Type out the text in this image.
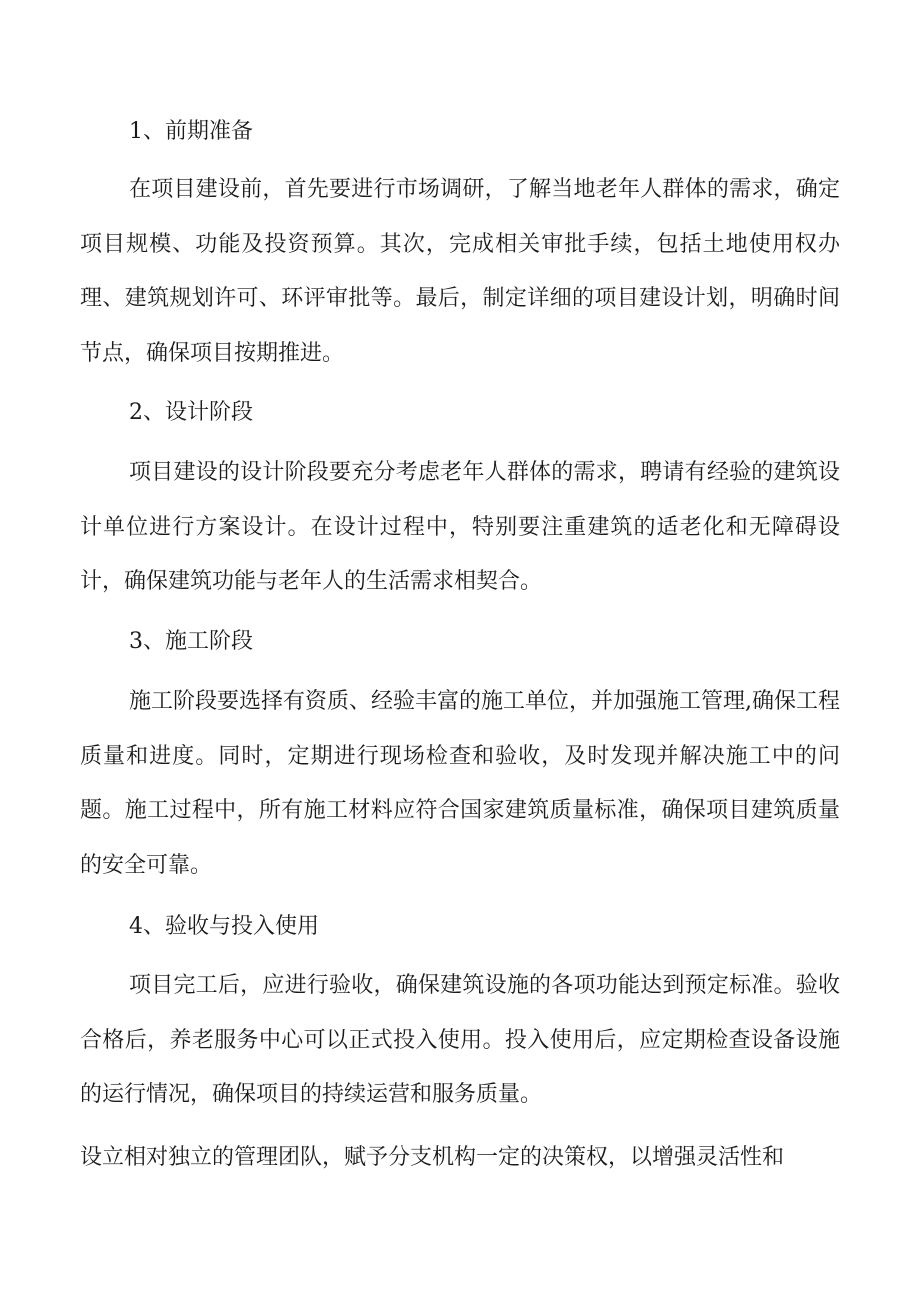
1、前期准备

在项目建设前，首先要进行市场调研，了解当地老年人群体的需求，确定项目规模、功能及投资预算。其次，完成相关审批手续，包括土地使用权办理、建筑规划许可、环评审批等。最后，制定详细的项目建设计划，明确时间节点，确保项目按期推进。

2、设计阶段

项目建设的设计阶段要充分考虑老年人群体的需求，聘请有经验的建筑设计单位进行方案设计。在设计过程中，特别要注重建筑的适老化和无障碍设计，确保建筑功能与老年人的生活需求相契合。

3、施工阶段

施工阶段要选择有资质、经验丰富的施工单位，并加强施工管理,确保工程质量和进度。同时，定期进行现场检查和验收，及时发现并解决施工中的问题。施工过程中，所有施工材料应符合国家建筑质量标准，确保项目建筑质量的安全可靠。

4、验收与投入使用

项目完工后，应进行验收，确保建筑设施的各项功能达到预定标准。验收合格后，养老服务中心可以正式投入使用。投入使用后，应定期检查设备设施的运行情况，确保项目的持续运营和服务质量。

设立相对独立的管理团队，赋予分支机构一定的决策权，以增强灵活性和
